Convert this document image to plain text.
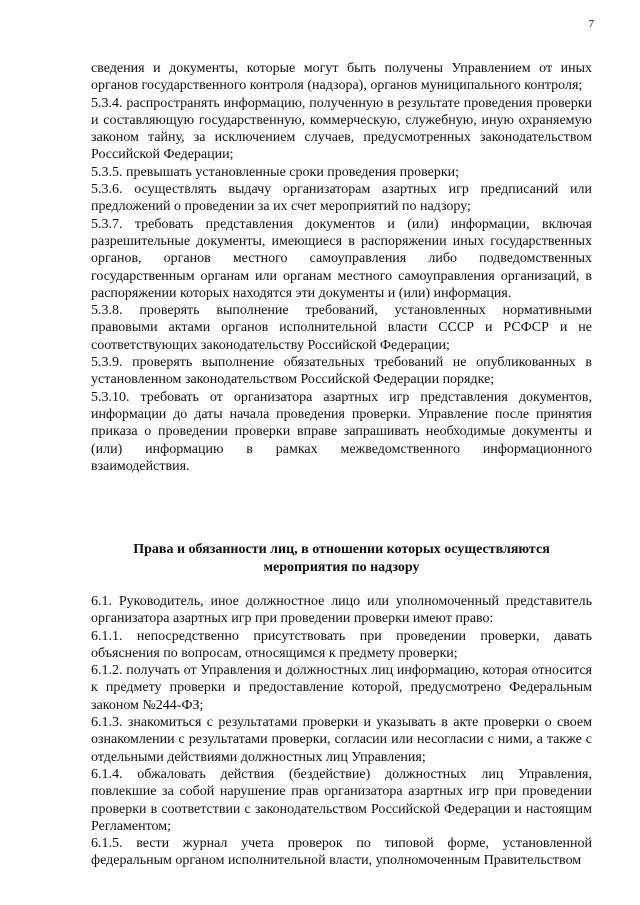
7

сведения и документы, которые могут быть получены Управлением от иных органов государственного контроля (надзора), органов муниципального контроля;

5.3.4. распространять информацию, полученную в результате проведения проверки и составляющую государственную, коммерческую, служебную, иную охраняемую законом тайну, за исключением случаев, предусмотренных законодательством Российской Федерации;

5.3.5. превышать установленные сроки проведения проверки;

5.3.6. осуществлять выдачу организаторам азартных игр предписаний или предложений о проведении за их счет мероприятий по надзору;

5.3.7. требовать представления документов и (или) информации, включая разрешительные документы, имеющиеся в распоряжении иных государственных органов, органов местного самоуправления либо подведомственных государственным органам или органам местного самоуправления организаций, в распоряжении которых находятся эти документы и (или) информация.

5.3.8. проверять выполнение требований, установленных нормативными правовыми актами органов исполнительной власти СССР и РСФСР и не соответствующих законодательству Российской Федерации;

5.3.9. проверять выполнение обязательных требований не опубликованных в установленном законодательством Российской Федерации порядке;

5.3.10. требовать от организатора азартных игр представления документов, информации до даты начала проведения проверки. Управление после принятия приказа о проведении проверки вправе запрашивать необходимые документы и (или) информацию в рамках межведомственного информационного взаимодействия.

Права и обязанности лиц, в отношении которых осуществляются мероприятия по надзору

6.1. Руководитель, иное должностное лицо или уполномоченный представитель организатора азартных игр при проведении проверки имеют право:

6.1.1. непосредственно присутствовать при проведении проверки, давать объяснения по вопросам, относящимся к предмету проверки;

6.1.2. получать от Управления и должностных лиц информацию, которая относится к предмету проверки и предоставление которой, предусмотрено Федеральным законом №244-ФЗ;

6.1.3. знакомиться с результатами проверки и указывать в акте проверки о своем ознакомлении с результатами проверки, согласии или несогласии с ними, а также с отдельными действиями должностных лиц Управления;

6.1.4. обжаловать действия (бездействие) должностных лиц Управления, повлекшие за собой нарушение прав организатора азартных игр при проведении проверки в соответствии с законодательством Российской Федерации и настоящим Регламентом;

6.1.5. вести журнал учета проверок по типовой форме, установленной федеральным органом исполнительной власти, уполномоченным Правительством
